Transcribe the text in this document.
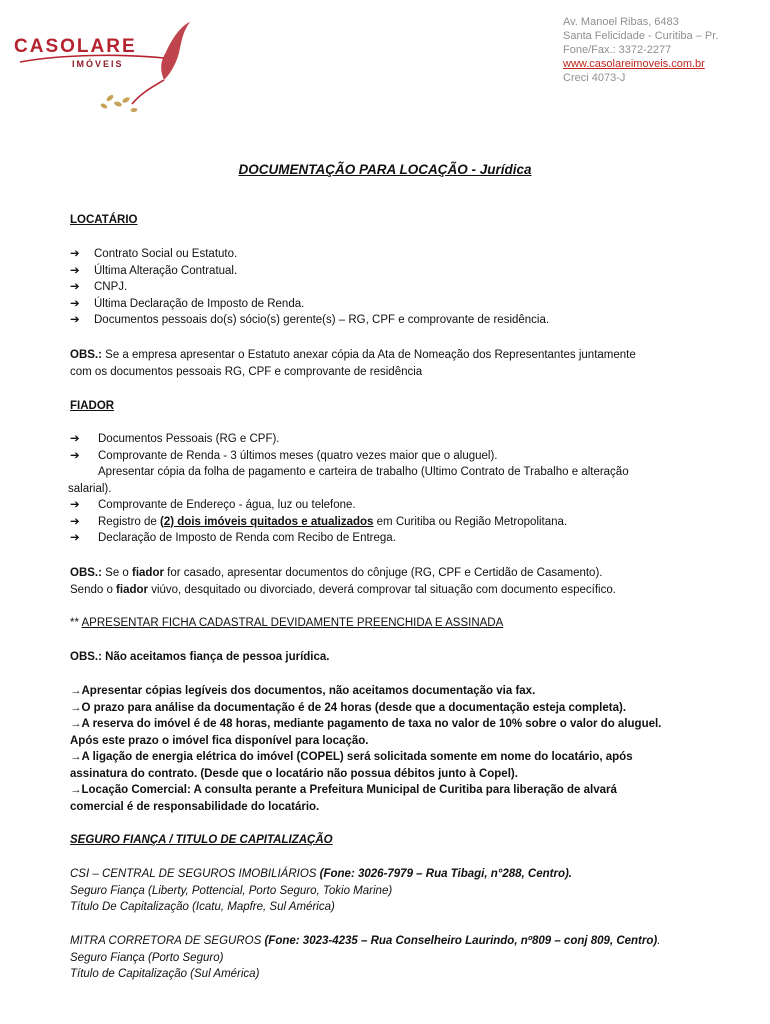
CASOLARE
IMÓVEIS
Av. Manoel Ribas, 6483
Santa Felicidade - Curitiba – Pr.
Fone/Fax.: 3372-2277
www.casolareimoveis.com.br
Creci 4073-J
DOCUMENTAÇÃO PARA LOCAÇÃO - Jurídica
LOCATÁRIO
➔ Contrato Social ou Estatuto.
➔ Última Alteração Contratual.
➔ CNPJ.
➔ Última Declaração de Imposto de Renda.
➔ Documentos pessoais do(s) sócio(s) gerente(s) – RG, CPF e comprovante de residência.
OBS.: Se a empresa apresentar o Estatuto anexar cópia da Ata de Nomeação dos Representantes juntamente
com os documentos pessoais RG, CPF e comprovante de residência
FIADOR
➔ Documentos Pessoais (RG e CPF).
➔ Comprovante de Renda - 3 últimos meses (quatro vezes maior que o aluguel).
Apresentar cópia da folha de pagamento e carteira de trabalho (Ultimo Contrato de Trabalho e alteração
salarial).
➔ Comprovante de Endereço - água, luz ou telefone.
➔ Registro de (2) dois imóveis quitados e atualizados em Curitiba ou Região Metropolitana.
➔ Declaração de Imposto de Renda com Recibo de Entrega.
OBS.: Se o fiador for casado, apresentar documentos do cônjuge (RG, CPF e Certidão de Casamento).
Sendo o fiador viúvo, desquitado ou divorciado, deverá comprovar tal situação com documento específico.
** APRESENTAR FICHA CADASTRAL DEVIDAMENTE PREENCHIDA E ASSINADA
OBS.: Não aceitamos fiança de pessoa jurídica.
→Apresentar cópias legíveis dos documentos, não aceitamos documentação via fax.
→O prazo para análise da documentação é de 24 horas (desde que a documentação esteja completa).
→A reserva do imóvel é de 48 horas, mediante pagamento de taxa no valor de 10% sobre o valor do aluguel.
Após este prazo o imóvel fica disponível para locação.
→A ligação de energia elétrica do imóvel (COPEL) será solicitada somente em nome do locatário, após
assinatura do contrato. (Desde que o locatário não possua débitos junto à Copel).
→Locação Comercial: A consulta perante a Prefeitura Municipal de Curitiba para liberação de alvará
comercial é de responsabilidade do locatário.
SEGURO FIANÇA / TITULO DE CAPITALIZAÇÃO
CSI – CENTRAL DE SEGUROS IMOBILIÁRIOS (Fone: 3026-7979 – Rua Tibagi, n°288, Centro).
Seguro Fiança (Liberty, Pottencial, Porto Seguro, Tokio Marine)
Título De Capitalização (Icatu, Mapfre, Sul América)
MITRA CORRETORA DE SEGUROS (Fone: 3023-4235 – Rua Conselheiro Laurindo, nº809 – conj 809, Centro).
Seguro Fiança (Porto Seguro)
Título de Capitalização (Sul América)
